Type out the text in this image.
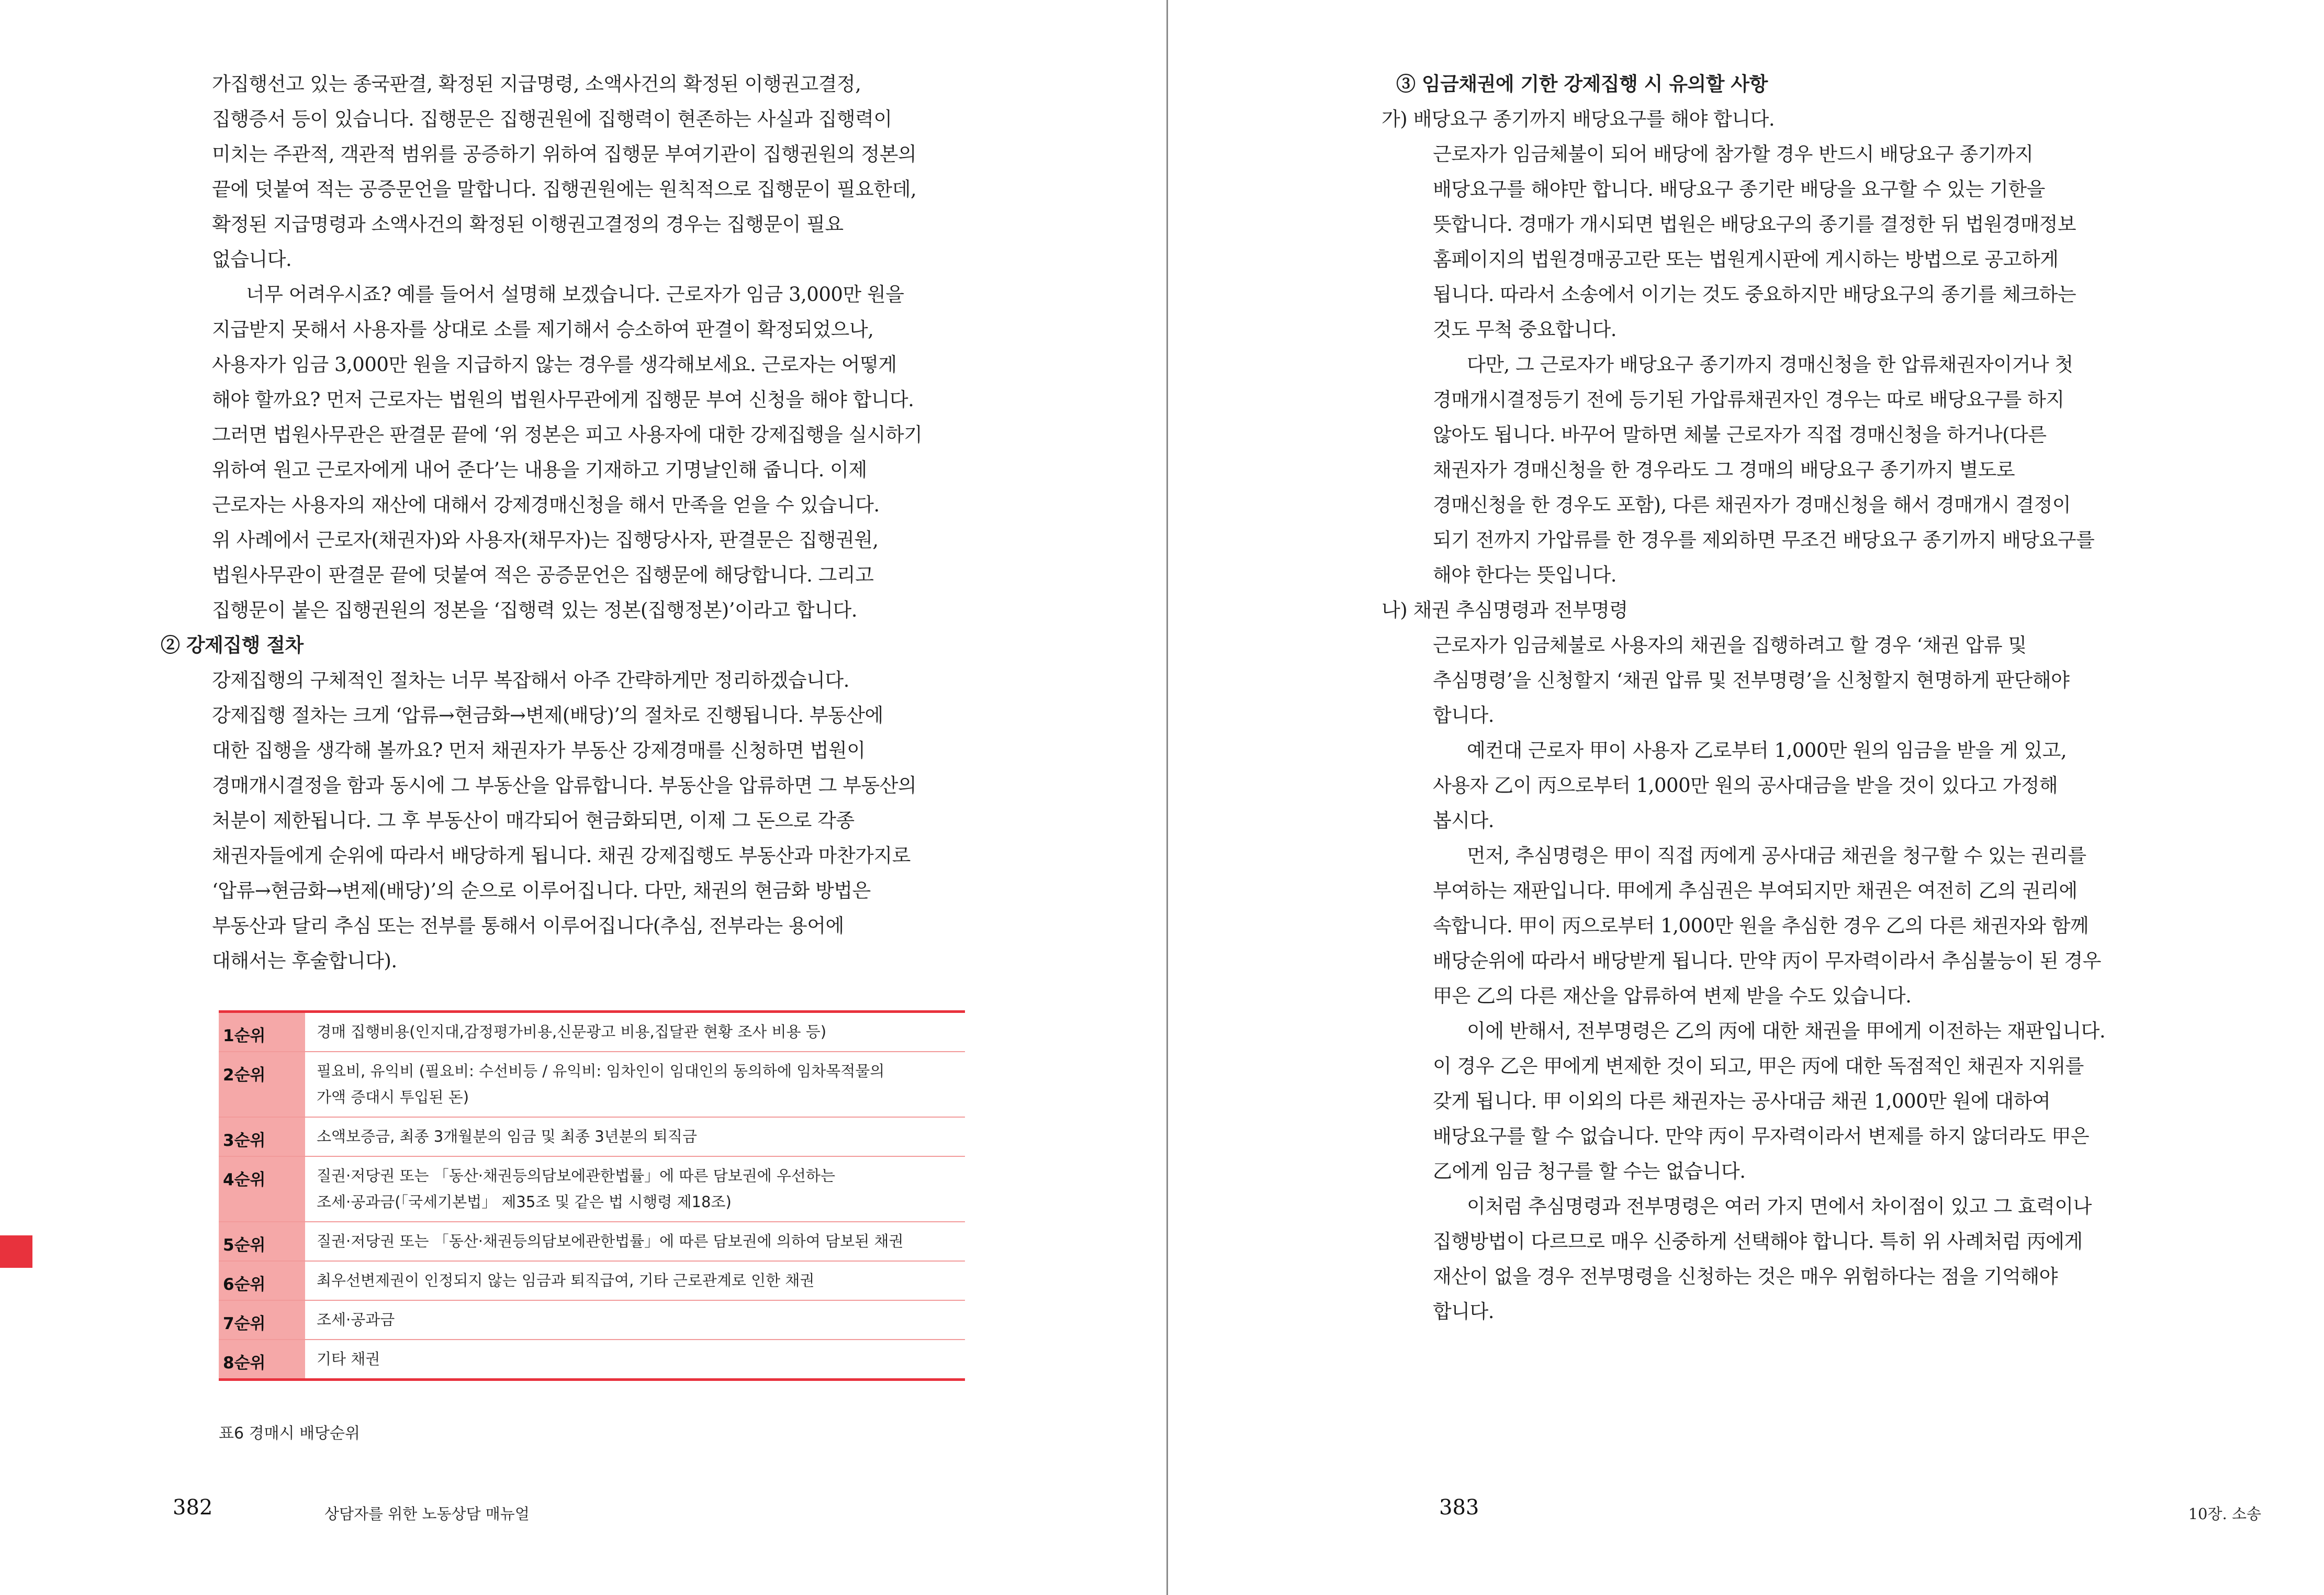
가집행선고 있는 종국판결, 확정된 지급명령, 소액사건의 확정된 이행권고결정,
집행증서 등이 있습니다. 집행문은 집행권원에 집행력이 현존하는 사실과 집행력이
미치는 주관적, 객관적 범위를 공증하기 위하여 집행문 부여기관이 집행권원의 정본의
끝에 덧붙여 적는 공증문언을 말합니다. 집행권원에는 원칙적으로 집행문이 필요한데,
확정된 지급명령과 소액사건의 확정된 이행권고결정의 경우는 집행문이 필요
없습니다.
너무 어려우시죠? 예를 들어서 설명해 보겠습니다. 근로자가 임금 3,000만 원을
지급받지 못해서 사용자를 상대로 소를 제기해서 승소하여 판결이 확정되었으나,
사용자가 임금 3,000만 원을 지급하지 않는 경우를 생각해보세요. 근로자는 어떻게
해야 할까요? 먼저 근로자는 법원의 법원사무관에게 집행문 부여 신청을 해야 합니다.
그러면 법원사무관은 판결문 끝에 ‘위 정본은 피고 사용자에 대한 강제집행을 실시하기
위하여 원고 근로자에게 내어 준다’는 내용을 기재하고 기명날인해 줍니다. 이제
근로자는 사용자의 재산에 대해서 강제경매신청을 해서 만족을 얻을 수 있습니다.
위 사례에서 근로자(채권자)와 사용자(채무자)는 집행당사자, 판결문은 집행권원,
법원사무관이 판결문 끝에 덧붙여 적은 공증문언은 집행문에 해당합니다. 그리고
집행문이 붙은 집행권원의 정본을 ‘집행력 있는 정본(집행정본)’이라고 합니다.
② 강제집행 절차
강제집행의 구체적인 절차는 너무 복잡해서 아주 간략하게만 정리하겠습니다.
강제집행 절차는 크게 ‘압류→현금화→변제(배당)’의 절차로 진행됩니다. 부동산에
대한 집행을 생각해 볼까요? 먼저 채권자가 부동산 강제경매를 신청하면 법원이
경매개시결정을 함과 동시에 그 부동산을 압류합니다. 부동산을 압류하면 그 부동산의
처분이 제한됩니다. 그 후 부동산이 매각되어 현금화되면, 이제 그 돈으로 각종
채권자들에게 순위에 따라서 배당하게 됩니다. 채권 강제집행도 부동산과 마찬가지로
‘압류→현금화→변제(배당)’의 순으로 이루어집니다. 다만, 채권의 현금화 방법은
부동산과 달리 추심 또는 전부를 통해서 이루어집니다(추심, 전부라는 용어에
대해서는 후술합니다).
1순위	경매 집행비용(인지대,감정평가비용,신문광고 비용,집달관 현황 조사 비용 등)

2순위	필요비, 유익비 (필요비: 수선비등 / 유익비: 임차인이 임대인의 동의하에 임차목적물의
가액 증대시 투입된 돈)

3순위	소액보증금, 최종 3개월분의 임금 및 최종 3년분의 퇴직금

4순위	질권·저당권 또는 「동산·채권등의담보에관한법률」에 따른 담보권에 우선하는
조세·공과금(「국세기본법」 제35조 및 같은 법 시행령 제18조)

5순위	질권·저당권 또는 「동산·채권등의담보에관한법률」에 따른 담보권에 의하여 담보된 채권

6순위	최우선변제권이 인정되지 않는 임금과 퇴직급여, 기타 근로관계로 인한 채권

7순위	조세·공과금

8순위	기타 채권
표6 경매시 배당순위
382	상담자를 위한 노동상담 매뉴얼
③ 임금채권에 기한 강제집행 시 유의할 사항
가) 배당요구 종기까지 배당요구를 해야 합니다.
근로자가 임금체불이 되어 배당에 참가할 경우 반드시 배당요구 종기까지
배당요구를 해야만 합니다. 배당요구 종기란 배당을 요구할 수 있는 기한을
뜻합니다. 경매가 개시되면 법원은 배당요구의 종기를 결정한 뒤 법원경매정보
홈페이지의 법원경매공고란 또는 법원게시판에 게시하는 방법으로 공고하게
됩니다. 따라서 소송에서 이기는 것도 중요하지만 배당요구의 종기를 체크하는
것도 무척 중요합니다.
다만, 그 근로자가 배당요구 종기까지 경매신청을 한 압류채권자이거나 첫
경매개시결정등기 전에 등기된 가압류채권자인 경우는 따로 배당요구를 하지
않아도 됩니다. 바꾸어 말하면 체불 근로자가 직접 경매신청을 하거나(다른
채권자가 경매신청을 한 경우라도 그 경매의 배당요구 종기까지 별도로
경매신청을 한 경우도 포함), 다른 채권자가 경매신청을 해서 경매개시 결정이
되기 전까지 가압류를 한 경우를 제외하면 무조건 배당요구 종기까지 배당요구를
해야 한다는 뜻입니다.
나) 채권 추심명령과 전부명령
근로자가 임금체불로 사용자의 채권을 집행하려고 할 경우 ‘채권 압류 및
추심명령’을 신청할지 ‘채권 압류 및 전부명령’을 신청할지 현명하게 판단해야
합니다.
예컨대 근로자 甲이 사용자 乙로부터 1,000만 원의 임금을 받을 게 있고,
사용자 乙이 丙으로부터 1,000만 원의 공사대금을 받을 것이 있다고 가정해
봅시다.
먼저, 추심명령은 甲이 직접 丙에게 공사대금 채권을 청구할 수 있는 권리를
부여하는 재판입니다. 甲에게 추심권은 부여되지만 채권은 여전히 乙의 권리에
속합니다. 甲이 丙으로부터 1,000만 원을 추심한 경우 乙의 다른 채권자와 함께
배당순위에 따라서 배당받게 됩니다. 만약 丙이 무자력이라서 추심불능이 된 경우
甲은 乙의 다른 재산을 압류하여 변제 받을 수도 있습니다.
이에 반해서, 전부명령은 乙의 丙에 대한 채권을 甲에게 이전하는 재판입니다.
이 경우 乙은 甲에게 변제한 것이 되고, 甲은 丙에 대한 독점적인 채권자 지위를
갖게 됩니다. 甲 이외의 다른 채권자는 공사대금 채권 1,000만 원에 대하여
배당요구를 할 수 없습니다. 만약 丙이 무자력이라서 변제를 하지 않더라도 甲은
乙에게 임금 청구를 할 수는 없습니다.
이처럼 추심명령과 전부명령은 여러 가지 면에서 차이점이 있고 그 효력이나
집행방법이 다르므로 매우 신중하게 선택해야 합니다. 특히 위 사례처럼 丙에게
재산이 없을 경우 전부명령을 신청하는 것은 매우 위험하다는 점을 기억해야
합니다.
383	10장. 소송
